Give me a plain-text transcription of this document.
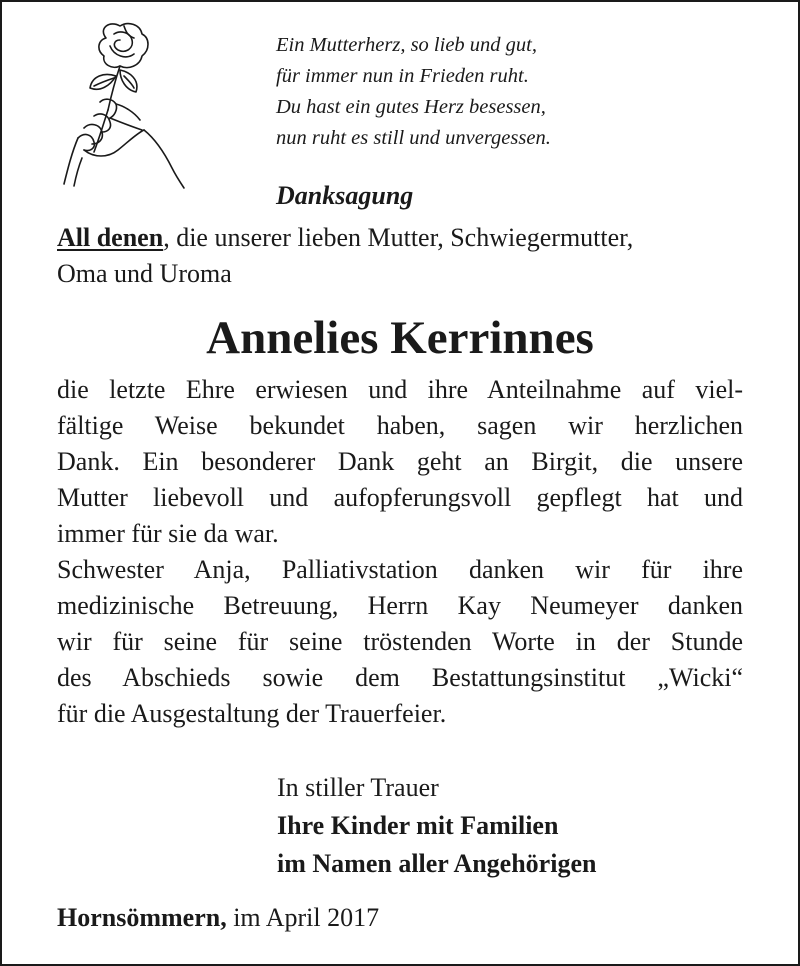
Ein Mutterherz, so lieb und gut,
für immer nun in Frieden ruht.
Du hast ein gutes Herz besessen,
nun ruht es still und unvergessen.
Danksagung
All denen, die unserer lieben Mutter, Schwiegermutter,
Oma und Uroma
Annelies Kerrinnes
die letzte Ehre erwiesen und ihre Anteilnahme auf viel-
fältige Weise bekundet haben, sagen wir herzlichen
Dank. Ein besonderer Dank geht an Birgit, die unsere
Mutter liebevoll und aufopferungsvoll gepflegt hat und
immer für sie da war.
Schwester Anja, Palliativstation danken wir für ihre
medizinische Betreuung, Herrn Kay Neumeyer danken
wir für seine für seine tröstenden Worte in der Stunde
des Abschieds sowie dem Bestattungsinstitut „Wicki“
für die Ausgestaltung der Trauerfeier.
In stiller Trauer
Ihre Kinder mit Familien
im Namen aller Angehörigen
Hornsömmern, im April 2017
